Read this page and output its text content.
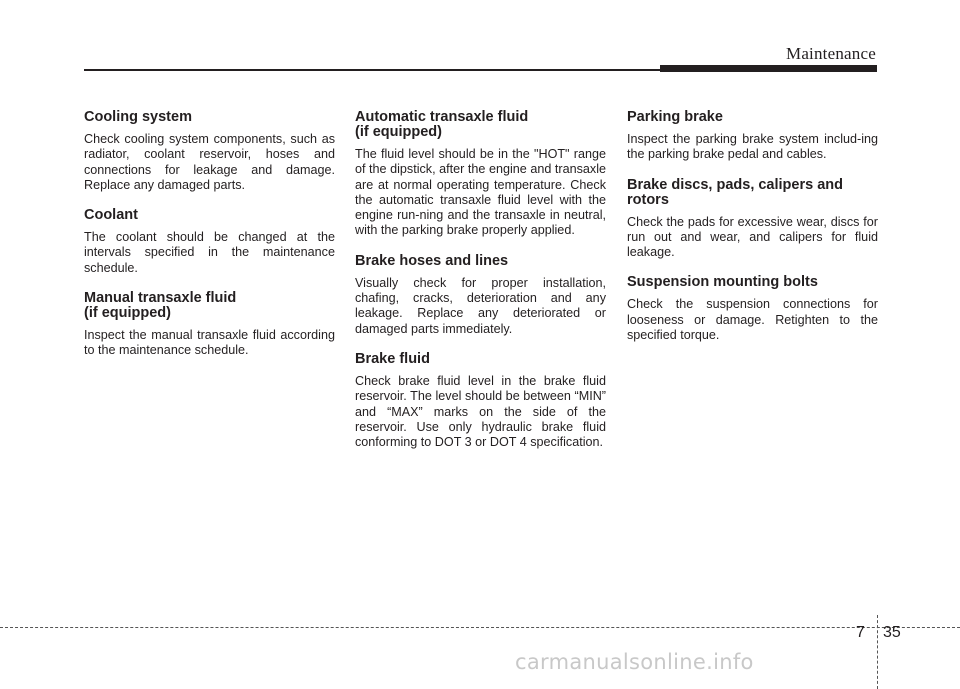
Maintenance
Cooling system

Check cooling system components, such as radiator, coolant reservoir, hoses and connections for leakage and damage. Replace any damaged parts.

Coolant

The coolant should be changed at the intervals specified in the maintenance schedule.

Manual transaxle fluid
(if equipped)

Inspect the manual transaxle fluid according to the maintenance schedule.

Automatic transaxle fluid
(if equipped)

The fluid level should be in the "HOT" range of the dipstick, after the engine and transaxle are at normal operating temperature. Check the automatic transaxle fluid level with the engine run-ning and the transaxle in neutral, with the parking brake properly applied.

Brake hoses and lines

Visually check for proper installation, chafing, cracks, deterioration and any leakage. Replace any deteriorated or damaged parts immediately.

Brake fluid

Check brake fluid level in the brake fluid reservoir. The level should be between “MIN” and “MAX” marks on the side of the reservoir. Use only hydraulic brake fluid conforming to DOT 3 or DOT 4 specification.

Parking brake

Inspect the parking brake system includ-ing the parking brake pedal and cables.

Brake discs, pads, calipers and rotors

Check the pads for excessive wear, discs for run out and wear, and calipers for fluid leakage.

Suspension mounting bolts

Check the suspension connections for looseness or damage. Retighten to the specified torque.

7 35
carmanualsonline.info
